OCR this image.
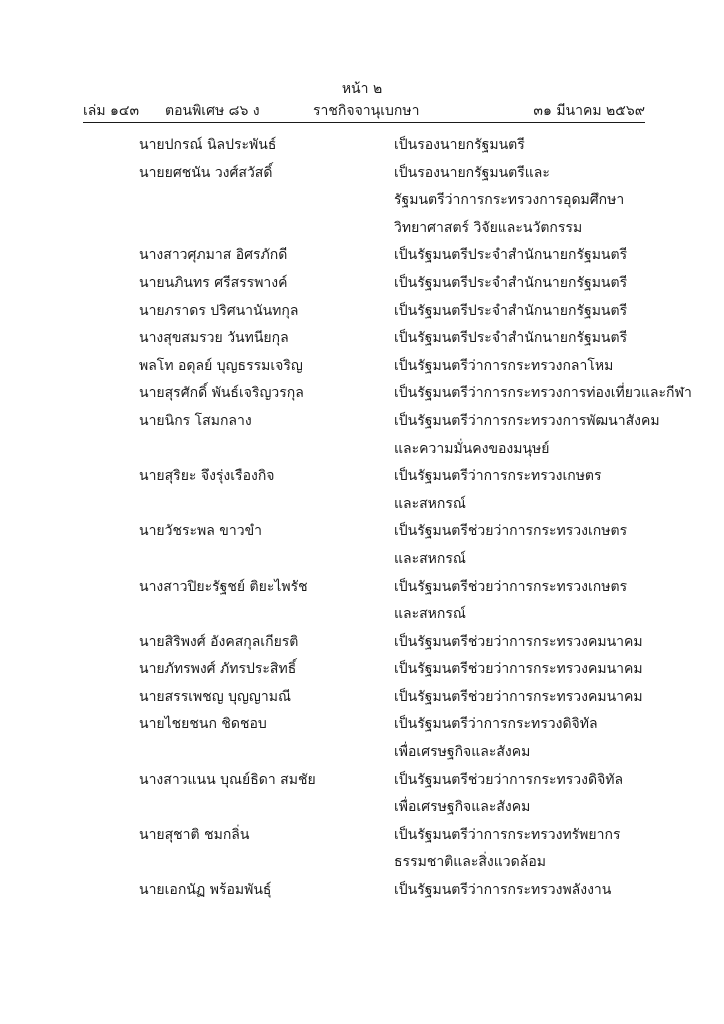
หน้า ๒
เล่ม ๑๔๓ ตอนพิเศษ ๘๖ ง	ราชกิจจานุเบกษา	๓๑ มีนาคม ๒๕๖๙
นายปกรณ์ นิลประพันธ์	เป็นรองนายกรัฐมนตรี
นายยศชนัน วงศ์สวัสดิ์	เป็นรองนายกรัฐมนตรีและ
รัฐมนตรีว่าการกระทรวงการอุดมศึกษา
วิทยาศาสตร์ วิจัยและนวัตกรรม
นางสาวศุภมาส อิศรภักดี	เป็นรัฐมนตรีประจำสำนักนายกรัฐมนตรี
นายนภินทร ศรีสรรพางค์	เป็นรัฐมนตรีประจำสำนักนายกรัฐมนตรี
นายภราดร ปริศนานันทกุล	เป็นรัฐมนตรีประจำสำนักนายกรัฐมนตรี
นางสุขสมรวย วันทนียกุล	เป็นรัฐมนตรีประจำสำนักนายกรัฐมนตรี
พลโท อดุลย์ บุญธรรมเจริญ	เป็นรัฐมนตรีว่าการกระทรวงกลาโหม
นายสุรศักดิ์ พันธ์เจริญวรกุล	เป็นรัฐมนตรีว่าการกระทรวงการท่องเที่ยวและกีฬา
นายนิกร โสมกลาง	เป็นรัฐมนตรีว่าการกระทรวงการพัฒนาสังคม
และความมั่นคงของมนุษย์
นายสุริยะ จึงรุ่งเรืองกิจ	เป็นรัฐมนตรีว่าการกระทรวงเกษตร
และสหกรณ์
นายวัชระพล ขาวขำ	เป็นรัฐมนตรีช่วยว่าการกระทรวงเกษตร
และสหกรณ์
นางสาวปิยะรัฐชย์ ติยะไพรัช	เป็นรัฐมนตรีช่วยว่าการกระทรวงเกษตร
และสหกรณ์
นายสิริพงศ์ อังคสกุลเกียรติ	เป็นรัฐมนตรีช่วยว่าการกระทรวงคมนาคม
นายภัทรพงศ์ ภัทรประสิทธิ์	เป็นรัฐมนตรีช่วยว่าการกระทรวงคมนาคม
นายสรรเพชญ บุญญามณี	เป็นรัฐมนตรีช่วยว่าการกระทรวงคมนาคม
นายไชยชนก ชิดชอบ	เป็นรัฐมนตรีว่าการกระทรวงดิจิทัล
เพื่อเศรษฐกิจและสังคม
นางสาวแนน บุณย์ธิดา สมชัย	เป็นรัฐมนตรีช่วยว่าการกระทรวงดิจิทัล
เพื่อเศรษฐกิจและสังคม
นายสุชาติ ชมกลิ่น	เป็นรัฐมนตรีว่าการกระทรวงทรัพยากร
ธรรมชาติและสิ่งแวดล้อม
นายเอกนัฏ พร้อมพันธุ์	เป็นรัฐมนตรีว่าการกระทรวงพลังงาน
